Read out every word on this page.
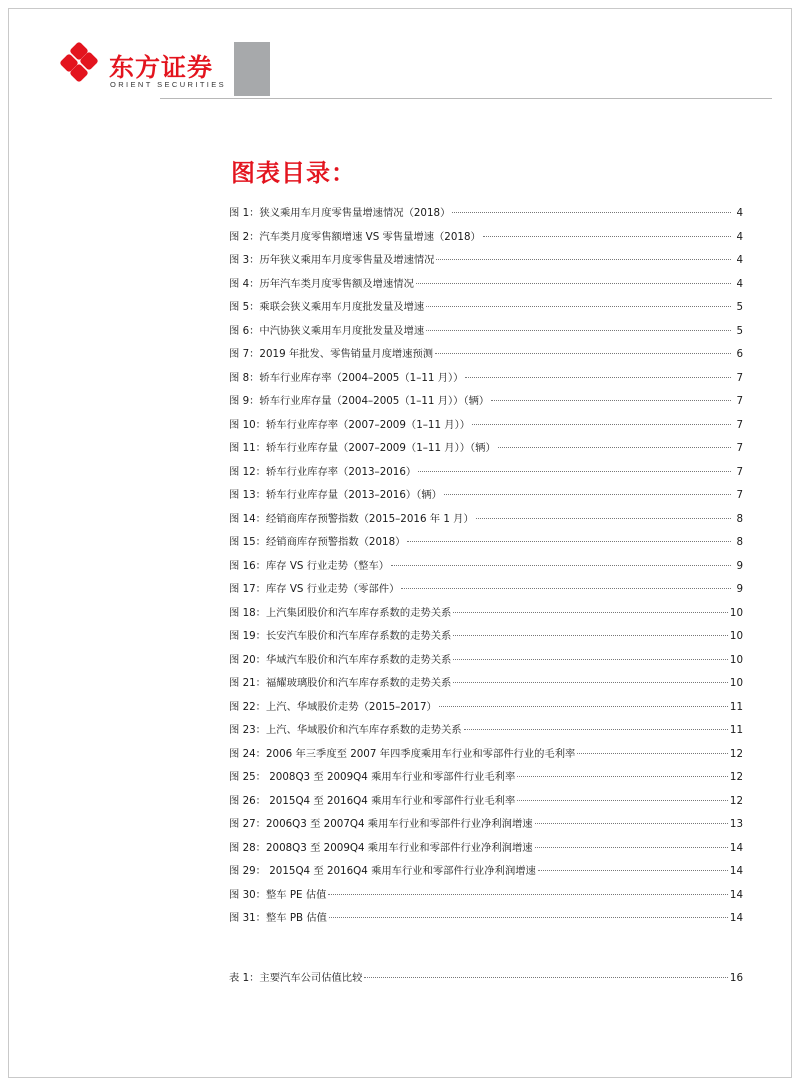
东方证券
ORIENT SECURITIES
图表目录：
图 1：狭义乘用车月度零售量增速情况（2018）	4
图 2：汽车类月度零售额增速 VS 零售量增速（2018）	4
图 3：历年狭义乘用车月度零售量及增速情况	4
图 4：历年汽车类月度零售额及增速情况	4
图 5：乘联会狭义乘用车月度批发量及增速	5
图 6：中汽协狭义乘用车月度批发量及增速	5
图 7：2019 年批发、零售销量月度增速预测	6
图 8：轿车行业库存率（2004–2005（1–11 月））	7
图 9：轿车行业库存量（2004–2005（1–11 月））（辆）	7
图 10：轿车行业库存率（2007–2009（1–11 月））	7
图 11：轿车行业库存量（2007–2009（1–11 月））（辆）	7
图 12：轿车行业库存率（2013–2016）	7
图 13：轿车行业库存量（2013–2016）（辆）	7
图 14：经销商库存预警指数（2015–2016 年 1 月）	8
图 15：经销商库存预警指数（2018）	8
图 16：库存 VS 行业走势（整车）	9
图 17：库存 VS 行业走势（零部件）	9
图 18：上汽集团股价和汽车库存系数的走势关系	10
图 19：长安汽车股价和汽车库存系数的走势关系	10
图 20：华域汽车股价和汽车库存系数的走势关系	10
图 21：福耀玻璃股价和汽车库存系数的走势关系	10
图 22：上汽、华域股价走势（2015–2017）	11
图 23：上汽、华域股价和汽车库存系数的走势关系	11
图 24：2006 年三季度至 2007 年四季度乘用车行业和零部件行业的毛利率	12
图 25： 2008Q3 至 2009Q4 乘用车行业和零部件行业毛利率	12
图 26： 2015Q4 至 2016Q4 乘用车行业和零部件行业毛利率	12
图 27：2006Q3 至 2007Q4 乘用车行业和零部件行业净利润增速	13
图 28：2008Q3 至 2009Q4 乘用车行业和零部件行业净利润增速	14
图 29： 2015Q4 至 2016Q4 乘用车行业和零部件行业净利润增速	14
图 30：整车 PE 估值	14
图 31：整车 PB 估值	14
表 1：主要汽车公司估值比较	16
